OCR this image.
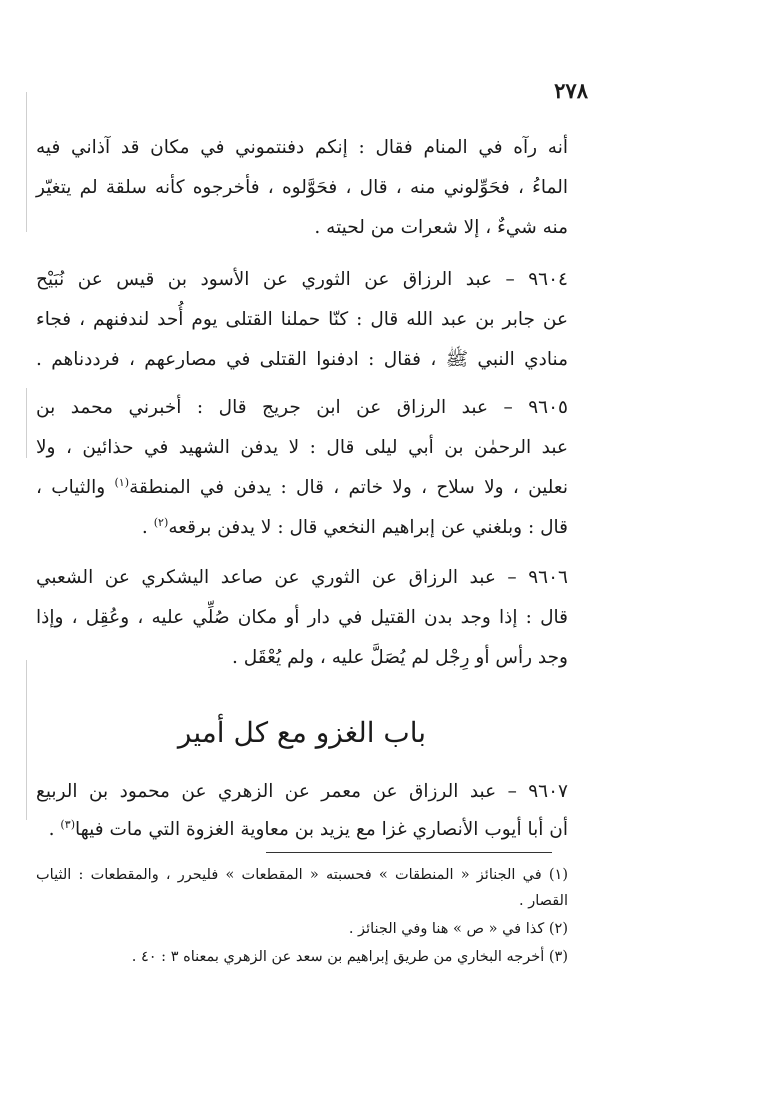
٢٧٨
أنه رآه في المنام فقال : إنكم دفنتموني في مكان قد آذاني فيه
الماءُ ، فحَوِّلوني منه ، قال ، فحَوَّلوه ، فأخرجوه كأنه سلقة لم يتغيّر
منه شيءٌ ، إلا شعرات من لحيته .
٩٦٠٤ – عبد الرزاق عن الثوري عن الأسود بن قيس عن نُبَيْح
عن جابر بن عبد الله قال : كنّا حملنا القتلى يوم أُحد لندفنهم ، فجاء
منادي النبي ﷺ ، فقال : ادفنوا القتلى في مصارعهم ، فرددناهم .
٩٦٠٥ – عبد الرزاق عن ابن جريج قال : أخبرني محمد بن
عبد الرحمٰن بن أبي ليلى قال : لا يدفن الشهيد في حذائين ، ولا
نعلين ، ولا سلاح ، ولا خاتم ، قال : يدفن في المنطقة$^{(١)}$ والثياب ،
قال : وبلغني عن إبراهيم النخعي قال : لا يدفن برقعه$^{(٢)}$ .
٩٦٠٦ – عبد الرزاق عن الثوري عن صاعد اليشكري عن الشعبي
قال : إذا وجد بدن القتيل في دار أو مكان صُلِّي عليه ، وعُقِل ، وإذا
وجد رأس أو رِجْل لم يُصَلَّ عليه ، ولم يُعْقَل .
باب الغزو مع كل أمير
٩٦٠٧ – عبد الرزاق عن معمر عن الزهري عن محمود بن الربيع
أن أبا أيوب الأنصاري غزا مع يزيد بن معاوية الغزوة التي مات فيها$^{(٣)}$ .
(١) في الجنائز « المنطقات » فحسبته « المقطعات » فليحرر ، والمقطعات : الثياب
القصار .
(٢) كذا في « ص » هنا وفي الجنائز .
(٣) أخرجه البخاري من طريق إبراهيم بن سعد عن الزهري بمعناه ٣ : ٤٠ .
